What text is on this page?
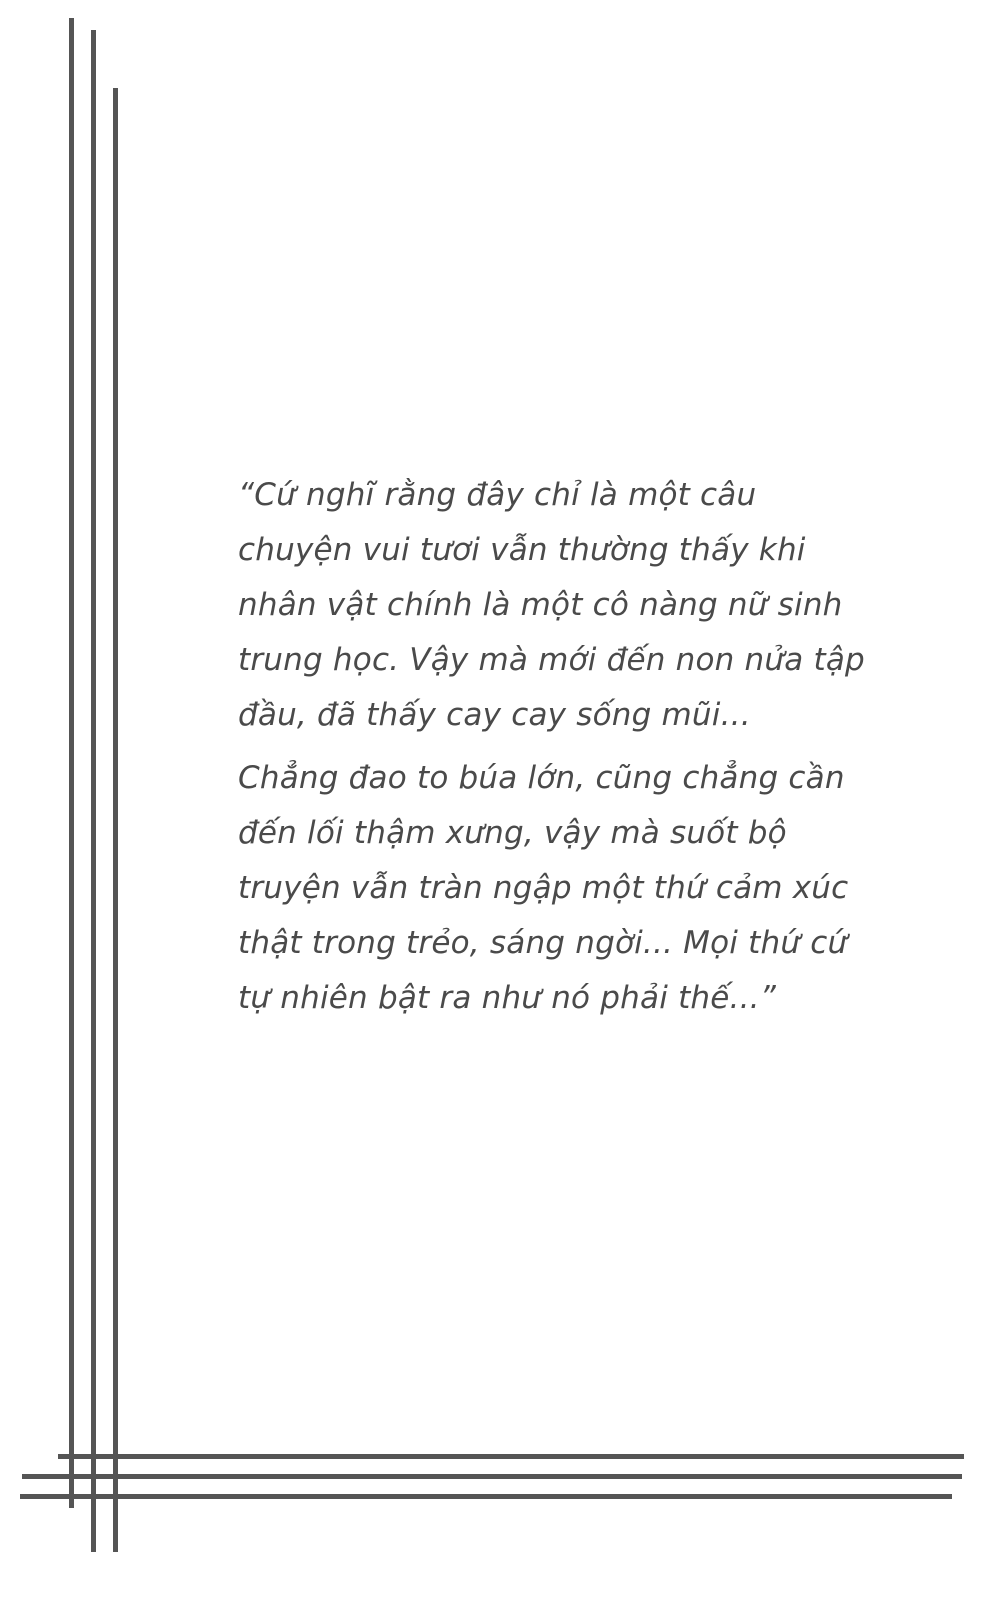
“Cứ nghĩ rằng đây chỉ là một câu
chuyện vui tươi vẫn thường thấy khi
nhân vật chính là một cô nàng nữ sinh
trung học. Vậy mà mới đến non nửa tập
đầu, đã thấy cay cay sống mũi...

Chẳng đao to búa lớn, cũng chẳng cần
đến lối thậm xưng, vậy mà suốt bộ
truyện vẫn tràn ngập một thứ cảm xúc
thật trong trẻo, sáng ngời... Mọi thứ cứ
tự nhiên bật ra như nó phải thế...”
